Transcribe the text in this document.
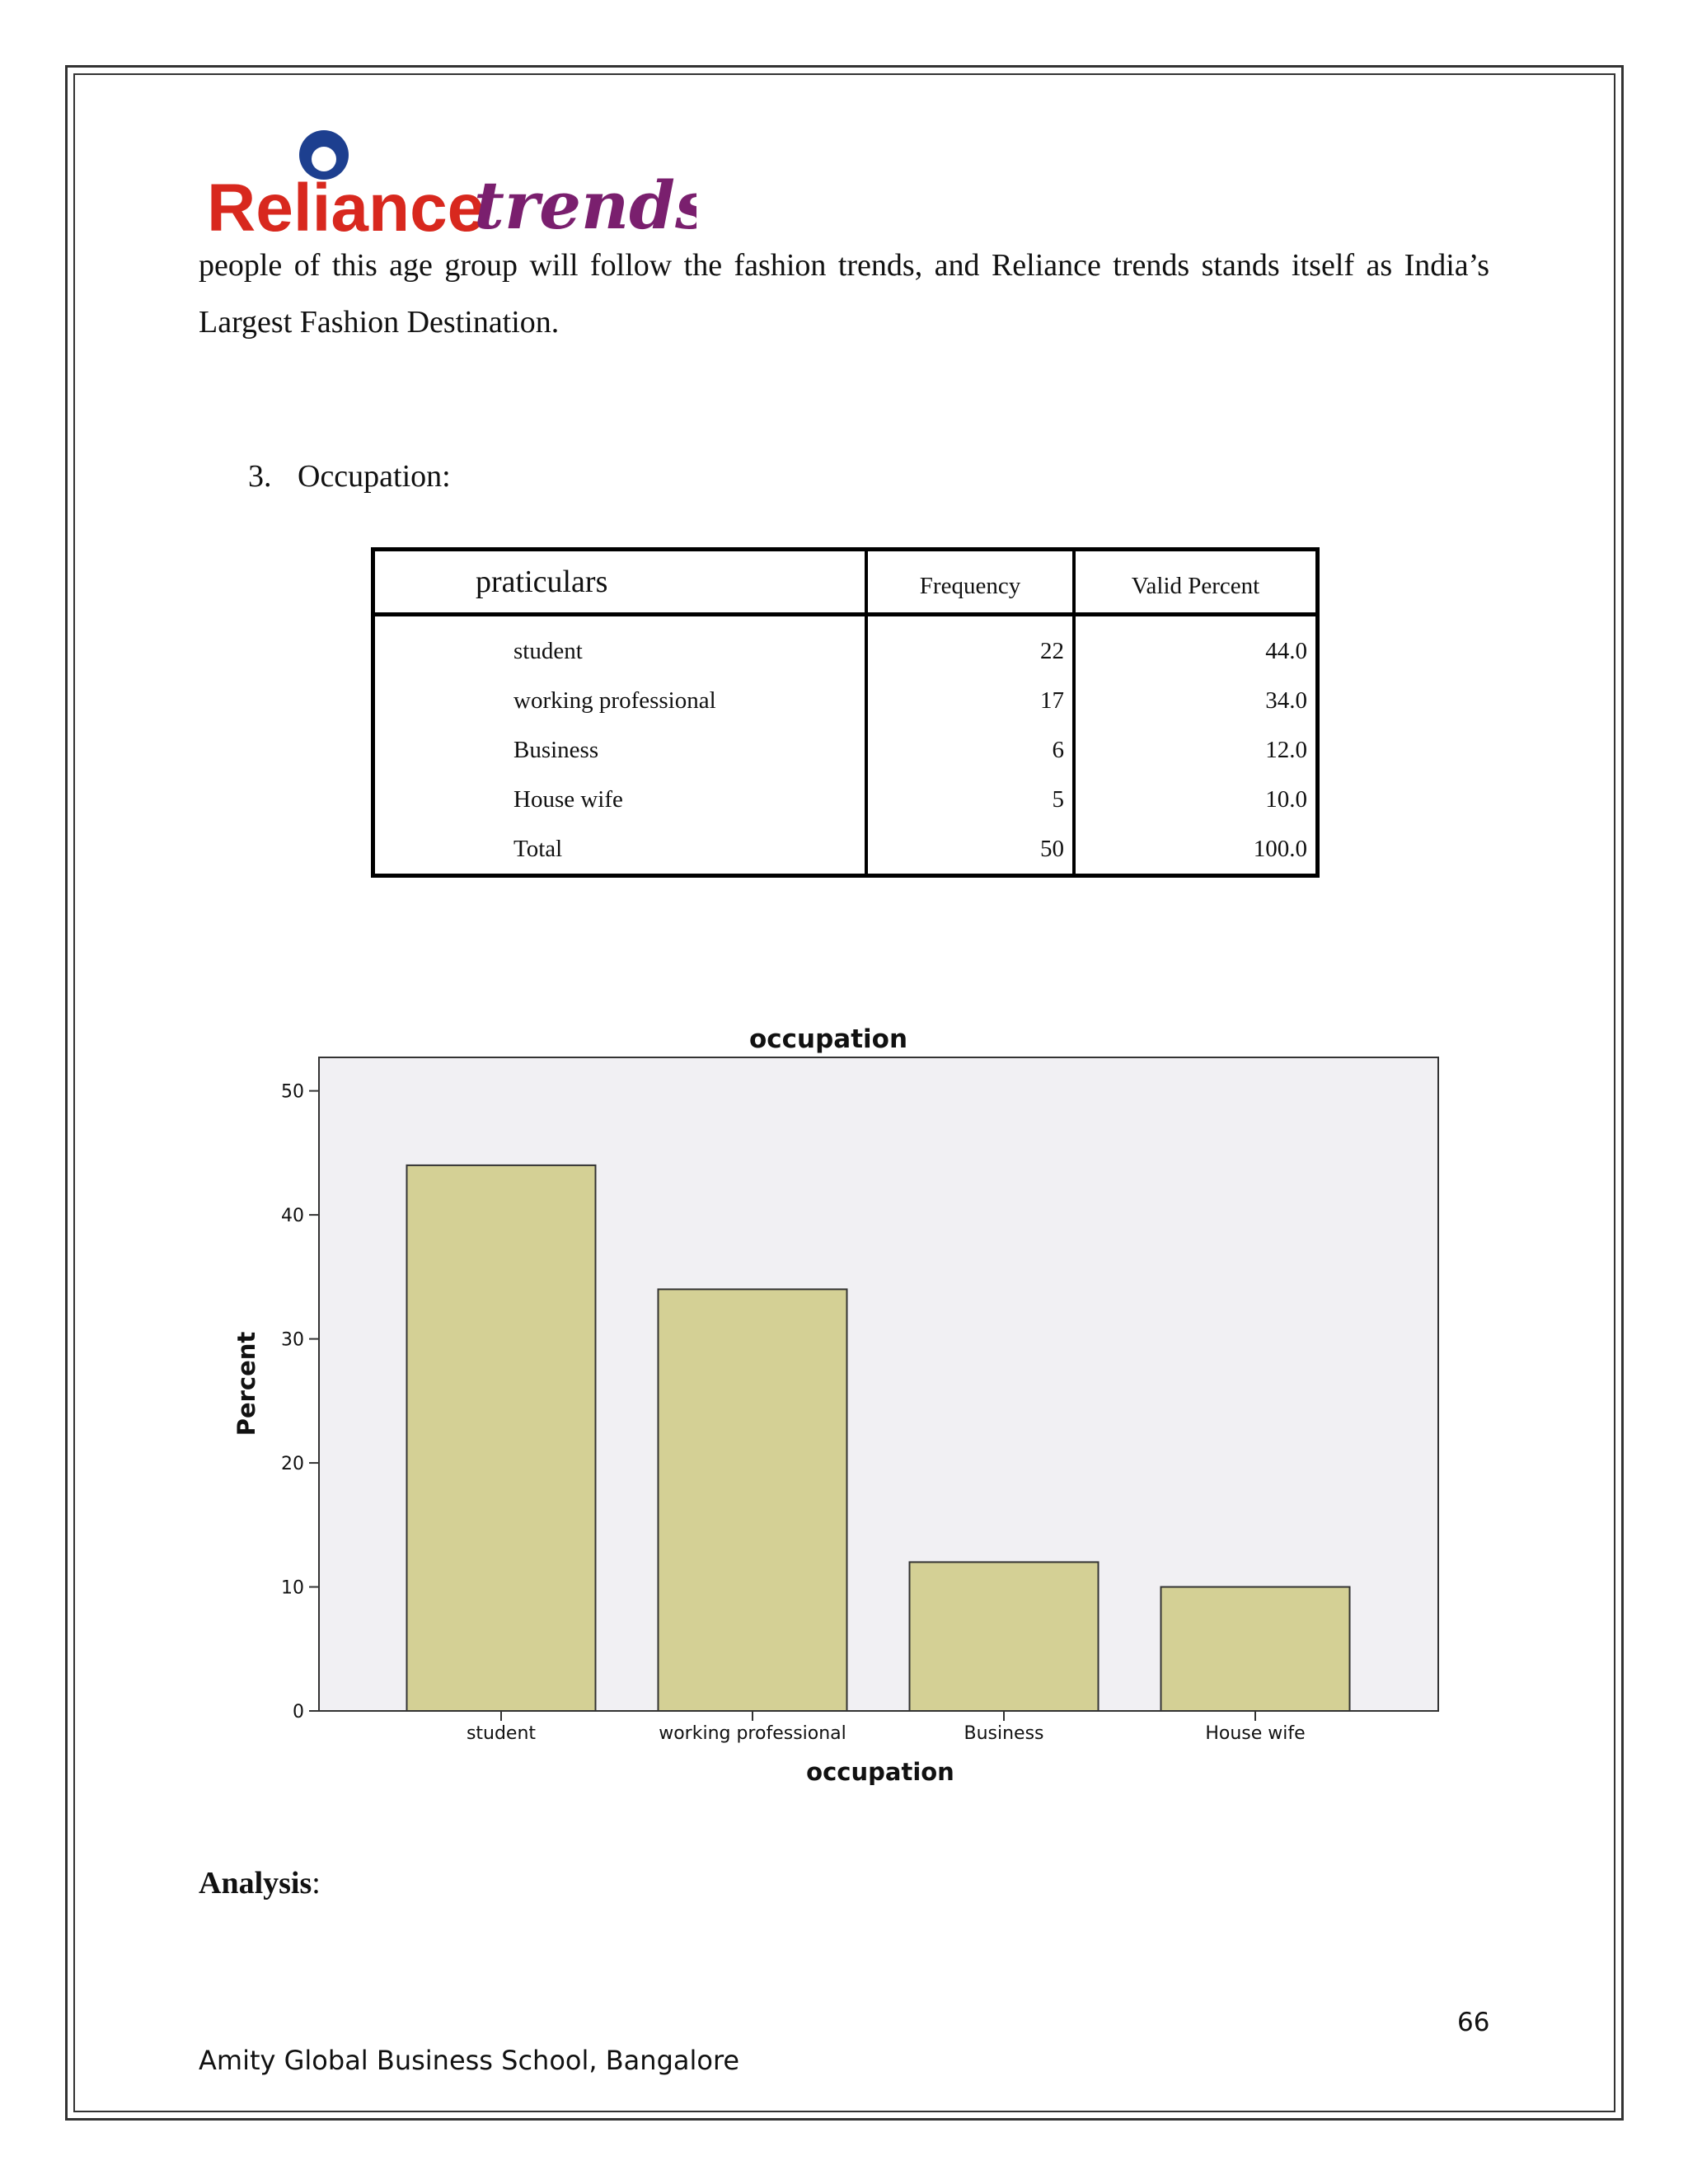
Reliance
trends

people of this age group will follow the fashion trends, and Reliance trends stands itself as India’s Largest Fashion Destination.

3. Occupation:
praticulars	Frequency	Valid Percent
student	22	44.0
working professional	17	34.0
Business	6	12.0
House wife	5	10.0
Total	50	100.0
occupation
0
10
20
30
40
50
student	working professional	Business	House wife
occupation
Percent
Analysis:
66
Amity Global Business School, Bangalore
